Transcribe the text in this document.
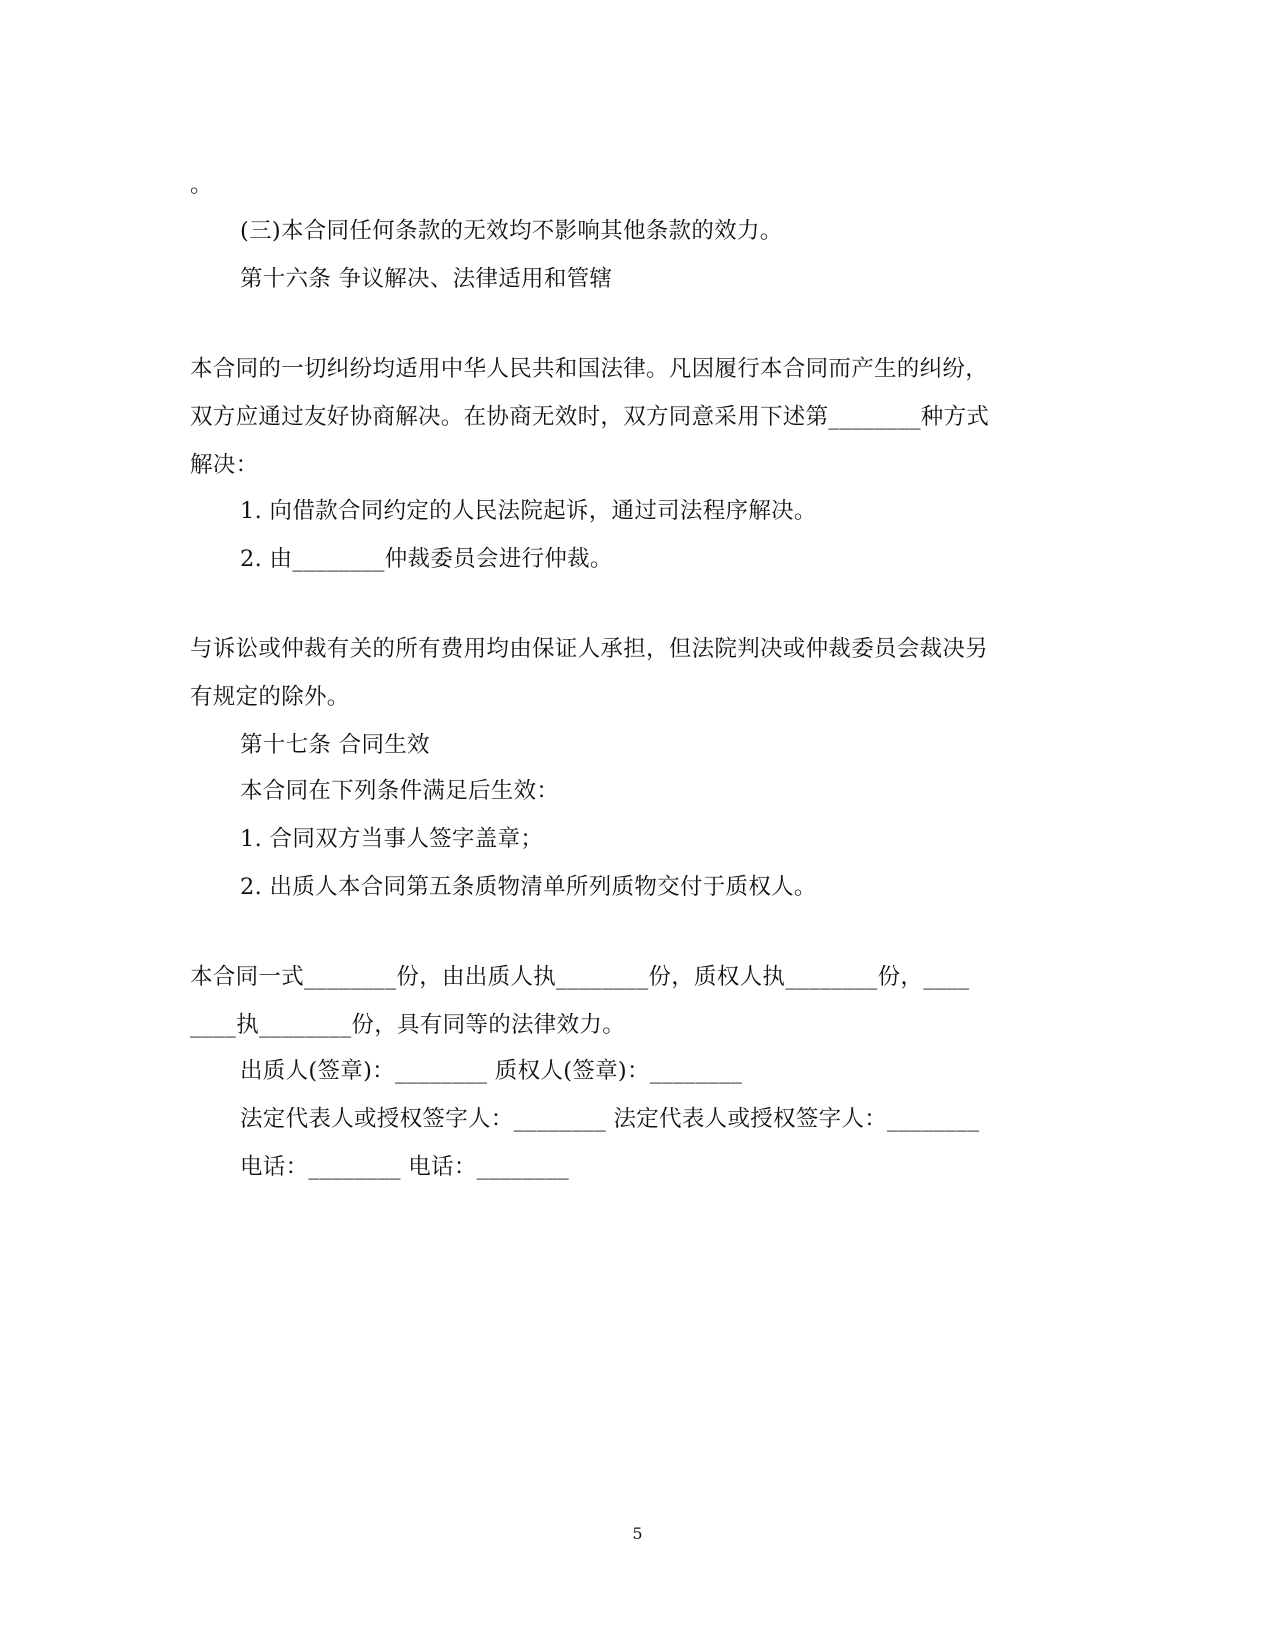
。
(三)本合同任何条款的无效均不影响其他条款的效力。
第十六条 争议解决、法律适用和管辖
本合同的一切纠纷均适用中华人民共和国法律。凡因履行本合同而产生的纠纷，
双方应通过友好协商解决。在协商无效时，双方同意采用下述第________种方式
解决：
1. 向借款合同约定的人民法院起诉，通过司法程序解决。
2. 由________仲裁委员会进行仲裁。
与诉讼或仲裁有关的所有费用均由保证人承担，但法院判决或仲裁委员会裁决另
有规定的除外。
第十七条 合同生效
本合同在下列条件满足后生效：
1. 合同双方当事人签字盖章；
2. 出质人本合同第五条质物清单所列质物交付于质权人。
本合同一式________份，由出质人执________份，质权人执________份，____
____执________份，具有同等的法律效力。
出质人(签章)：________ 质权人(签章)：________
法定代表人或授权签字人：________ 法定代表人或授权签字人：________
电话：________ 电话：________
5
